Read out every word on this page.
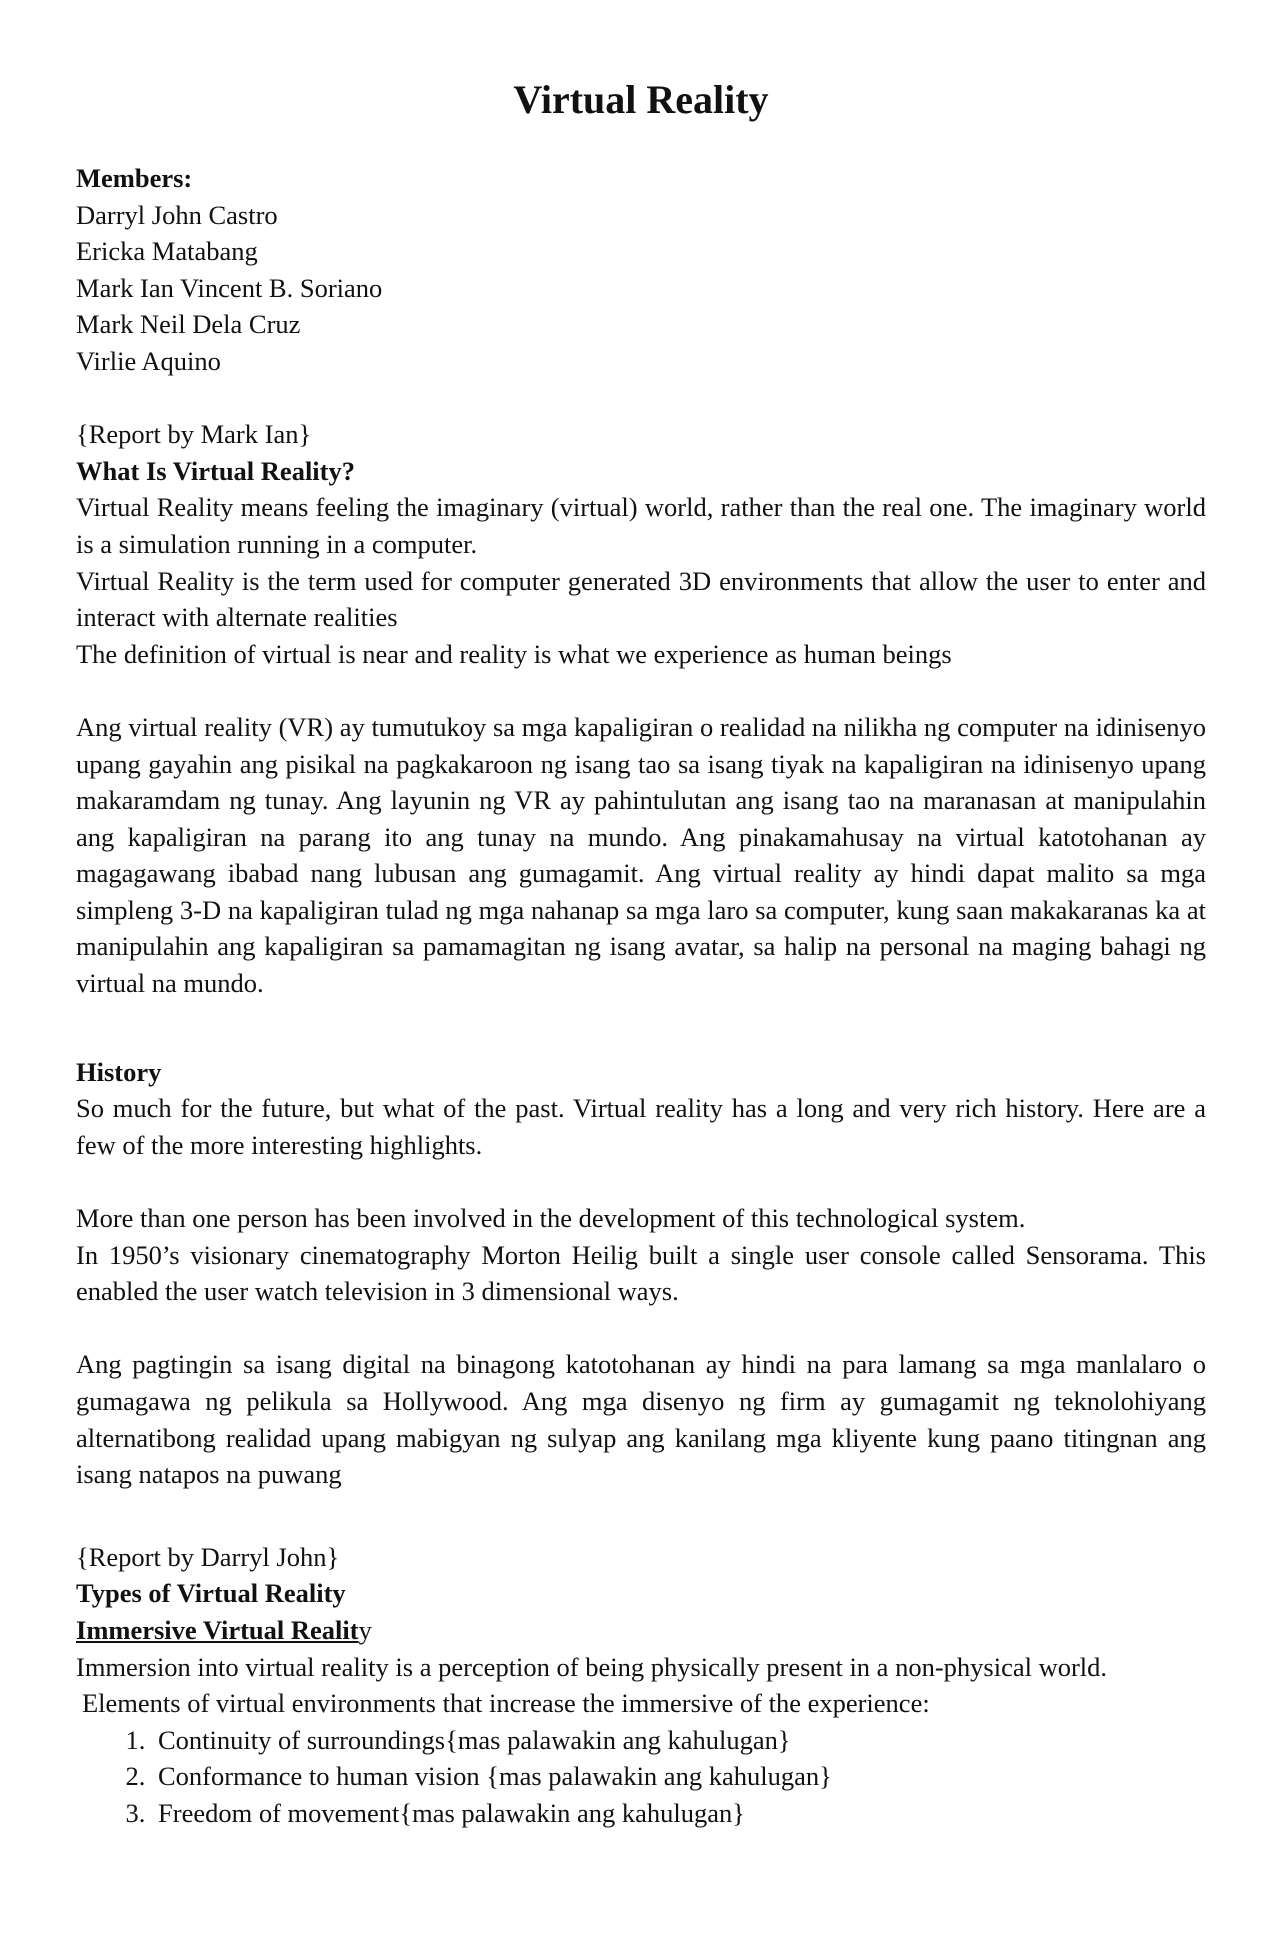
Virtual Reality
Members:
Darryl John Castro
Ericka Matabang
Mark Ian Vincent B. Soriano
Mark Neil Dela Cruz
Virlie Aquino
{Report by Mark Ian}
What Is Virtual Reality?
Virtual Reality means feeling the imaginary (virtual) world, rather than the real one. The imaginary world is a simulation running in a computer.
Virtual Reality is the term used for computer generated 3D environments that allow the user to enter and interact with alternate realities
The definition of virtual is near and reality is what we experience as human beings
Ang virtual reality (VR) ay tumutukoy sa mga kapaligiran o realidad na nilikha ng computer na idinisenyo upang gayahin ang pisikal na pagkakaroon ng isang tao sa isang tiyak na kapaligiran na idinisenyo upang makaramdam ng tunay. Ang layunin ng VR ay pahintulutan ang isang tao na maranasan at manipulahin ang kapaligiran na parang ito ang tunay na mundo. Ang pinakamahusay na virtual katotohanan ay magagawang ibabad nang lubusan ang gumagamit. Ang virtual reality ay hindi dapat malito sa mga simpleng 3-D na kapaligiran tulad ng mga nahanap sa mga laro sa computer, kung saan makakaranas ka at manipulahin ang kapaligiran sa pamamagitan ng isang avatar, sa halip na personal na maging bahagi ng virtual na mundo.
History
So much for the future, but what of the past. Virtual reality has a long and very rich history. Here are a few of the more interesting highlights.
More than one person has been involved in the development of this technological system.
In 1950’s visionary cinematography Morton Heilig built a single user console called Sensorama. This enabled the user watch television in 3 dimensional ways.
Ang pagtingin sa isang digital na binagong katotohanan ay hindi na para lamang sa mga manlalaro o gumagawa ng pelikula sa Hollywood. Ang mga disenyo ng firm ay gumagamit ng teknolohiyang alternatibong realidad upang mabigyan ng sulyap ang kanilang mga kliyente kung paano titingnan ang isang natapos na puwang
{Report by Darryl John}
Types of Virtual Reality
Immersive Virtual Reality
Immersion into virtual reality is a perception of being physically present in a non-physical world.
Elements of virtual environments that increase the immersive of the experience:
1. Continuity of surroundings{mas palawakin ang kahulugan}
2. Conformance to human vision {mas palawakin ang kahulugan}
3. Freedom of movement{mas palawakin ang kahulugan}
